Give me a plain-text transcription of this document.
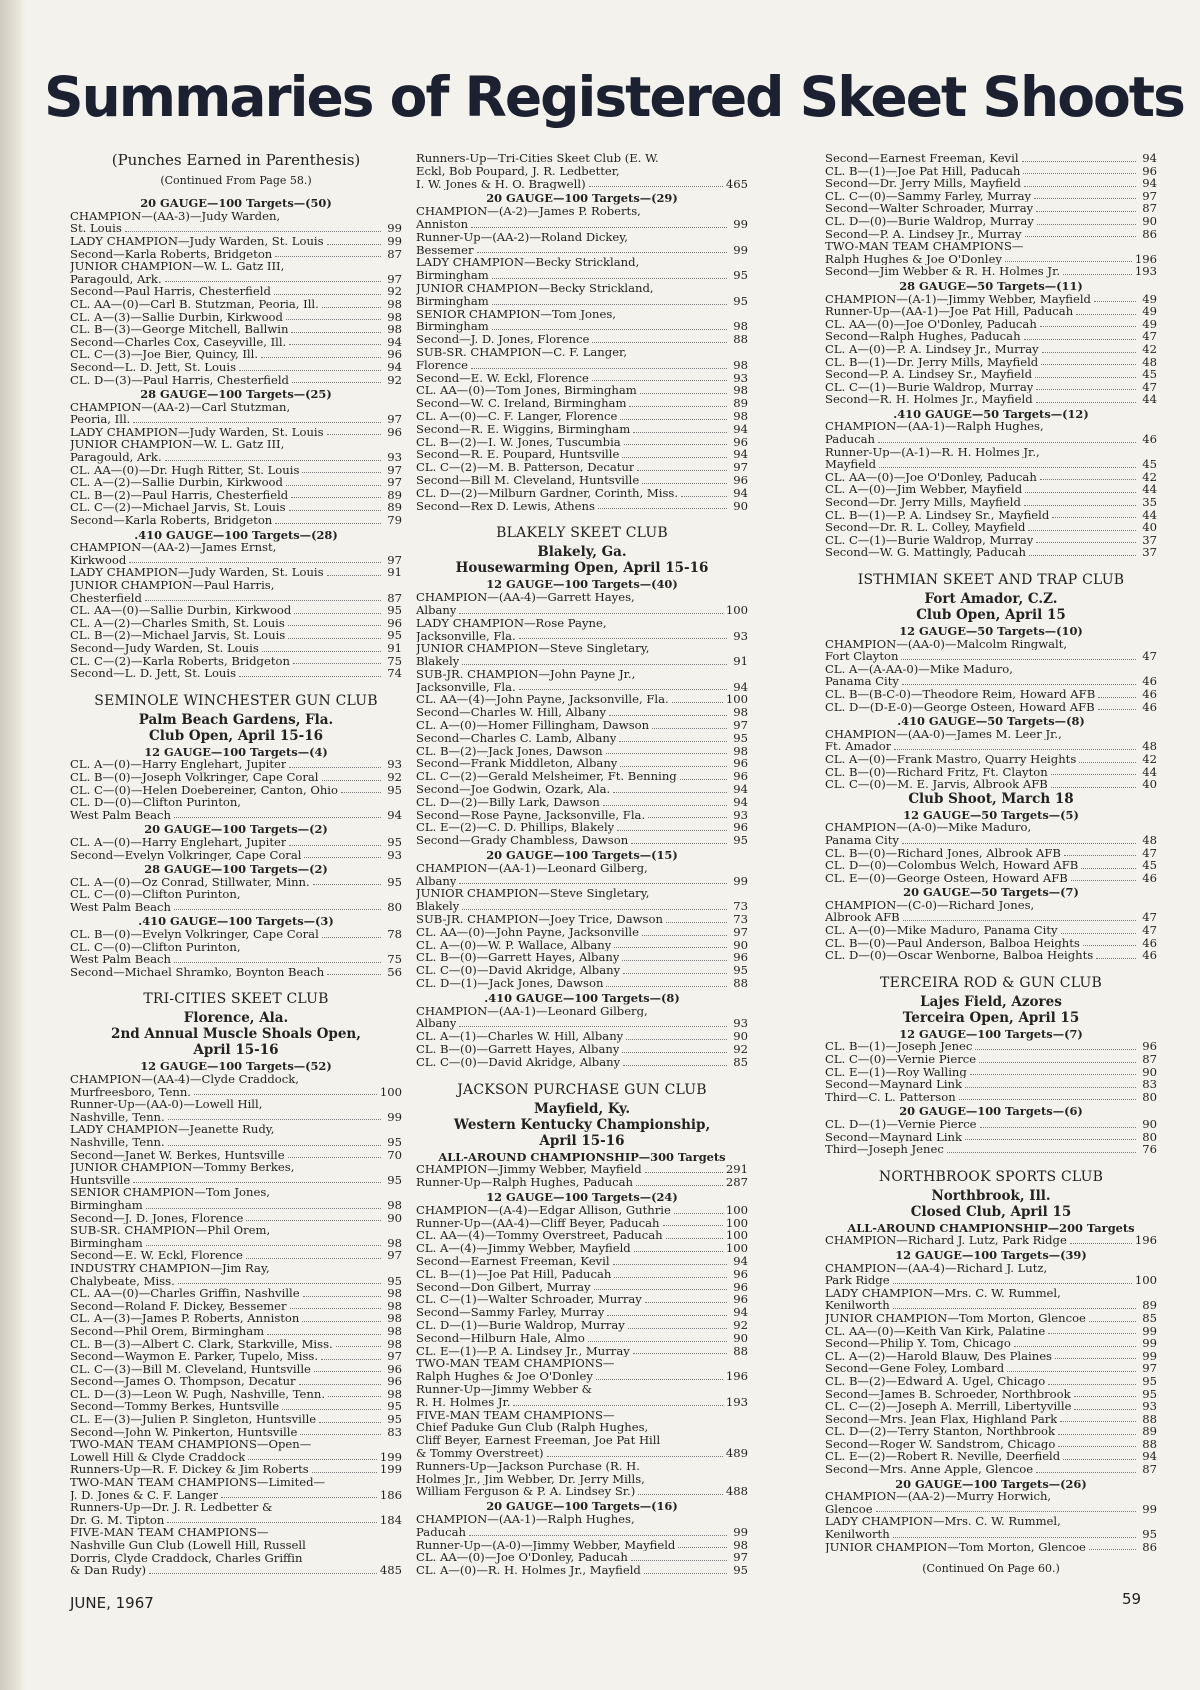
Summaries of Registered Skeet Shoots
(Punches Earned in Parenthesis)
(Continued From Page 58.)
20 GAUGE—100 Targets—(50)
CHAMPION—(AA-3)—Judy Warden,
St. Louis	99
LADY CHAMPION—Judy Warden, St. Louis	99
Second—Karla Roberts, Bridgeton	87
JUNIOR CHAMPION—W. L. Gatz III,
Paragould, Ark.	97
Second—Paul Harris, Chesterfield	92
CL. AA—(0)—Carl B. Stutzman, Peoria, Ill.	98
CL. A—(3)—Sallie Durbin, Kirkwood	98
CL. B—(3)—George Mitchell, Ballwin	98
Second—Charles Cox, Caseyville, Ill.	94
CL. C—(3)—Joe Bier, Quincy, Ill.	96
Second—L. D. Jett, St. Louis	94
CL. D—(3)—Paul Harris, Chesterfield	92
28 GAUGE—100 Targets—(25)
CHAMPION—(AA-2)—Carl Stutzman,
Peoria, Ill.	97
LADY CHAMPION—Judy Warden, St. Louis	96
JUNIOR CHAMPION—W. L. Gatz III,
Paragould, Ark.	93
CL. AA—(0)—Dr. Hugh Ritter, St. Louis	97
CL. A—(2)—Sallie Durbin, Kirkwood	97
CL. B—(2)—Paul Harris, Chesterfield	89
CL. C—(2)—Michael Jarvis, St. Louis	89
Second—Karla Roberts, Bridgeton	79
.410 GAUGE—100 Targets—(28)
CHAMPION—(AA-2)—James Ernst,
Kirkwood	97
LADY CHAMPION—Judy Warden, St. Louis	91
JUNIOR CHAMPION—Paul Harris,
Chesterfield	87
CL. AA—(0)—Sallie Durbin, Kirkwood	95
CL. A—(2)—Charles Smith, St. Louis	96
CL. B—(2)—Michael Jarvis, St. Louis	95
Second—Judy Warden, St. Louis	91
CL. C—(2)—Karla Roberts, Bridgeton	75
Second—L. D. Jett, St. Louis	74
SEMINOLE WINCHESTER GUN CLUB
Palm Beach Gardens, Fla.
Club Open, April 15-16
12 GAUGE—100 Targets—(4)
CL. A—(0)—Harry Englehart, Jupiter	93
CL. B—(0)—Joseph Volkringer, Cape Coral	92
CL. C—(0)—Helen Doebereiner, Canton, Ohio	95
CL. D—(0)—Clifton Purinton,
West Palm Beach	94
20 GAUGE—100 Targets—(2)
CL. A—(0)—Harry Englehart, Jupiter	95
Second—Evelyn Volkringer, Cape Coral	93
28 GAUGE—100 Targets—(2)
CL. A—(0)—Oz Conrad, Stillwater, Minn.	95
CL. C—(0)—Clifton Purinton,
West Palm Beach	80
.410 GAUGE—100 Targets—(3)
CL. B—(0)—Evelyn Volkringer, Cape Coral	78
CL. C—(0)—Clifton Purinton,
West Palm Beach	75
Second—Michael Shramko, Boynton Beach	56
TRI-CITIES SKEET CLUB
Florence, Ala.
2nd Annual Muscle Shoals Open,
April 15-16
12 GAUGE—100 Targets—(52)
CHAMPION—(AA-4)—Clyde Craddock,
Murfreesboro, Tenn.	100
Runner-Up—(AA-0)—Lowell Hill,
Nashville, Tenn.	99
LADY CHAMPION—Jeanette Rudy,
Nashville, Tenn.	95
Second—Janet W. Berkes, Huntsville	70
JUNIOR CHAMPION—Tommy Berkes,
Huntsville	95
SENIOR CHAMPION—Tom Jones,
Birmingham	98
Second—J. D. Jones, Florence	90
SUB-SR. CHAMPION—Phil Orem,
Birmingham	98
Second—E. W. Eckl, Florence	97
INDUSTRY CHAMPION—Jim Ray,
Chalybeate, Miss.	95
CL. AA—(0)—Charles Griffin, Nashville	98
Second—Roland F. Dickey, Bessemer	98
CL. A—(3)—James P. Roberts, Anniston	98
Second—Phil Orem, Birmingham	98
CL. B—(3)—Albert C. Clark, Starkville, Miss.	98
Second—Waymon E. Parker, Tupelo, Miss.	97
CL. C—(3)—Bill M. Cleveland, Huntsville	96
Second—James O. Thompson, Decatur	96
CL. D—(3)—Leon W. Pugh, Nashville, Tenn.	98
Second—Tommy Berkes, Huntsville	95
CL. E—(3)—Julien P. Singleton, Huntsville	95
Second—John W. Pinkerton, Huntsville	83
TWO-MAN TEAM CHAMPIONS—Open—
Lowell Hill & Clyde Craddock	199
Runners-Up—R. F. Dickey & Jim Roberts	199
TWO-MAN TEAM CHAMPIONS—Limited—
J. D. Jones & C. F. Langer	186
Runners-Up—Dr. J. R. Ledbetter &
Dr. G. M. Tipton	184
FIVE-MAN TEAM CHAMPIONS—
Nashville Gun Club (Lowell Hill, Russell
Dorris, Clyde Craddock, Charles Griffin
& Dan Rudy)	485
Runners-Up—Tri-Cities Skeet Club (E. W.
Eckl, Bob Poupard, J. R. Ledbetter,
I. W. Jones & H. O. Bragwell)	465
20 GAUGE—100 Targets—(29)
CHAMPION—(A-2)—James P. Roberts,
Anniston	99
Runner-Up—(AA-2)—Roland Dickey,
Bessemer	99
LADY CHAMPION—Becky Strickland,
Birmingham	95
JUNIOR CHAMPION—Becky Strickland,
Birmingham	95
SENIOR CHAMPION—Tom Jones,
Birmingham	98
Second—J. D. Jones, Florence	88
SUB-SR. CHAMPION—C. F. Langer,
Florence	98
Second—E. W. Eckl, Florence	93
CL. AA—(0)—Tom Jones, Birmingham	98
Second—W. C. Ireland, Birmingham	89
CL. A—(0)—C. F. Langer, Florence	98
Second—R. E. Wiggins, Birmingham	94
CL. B—(2)—I. W. Jones, Tuscumbia	96
Second—R. E. Poupard, Huntsville	94
CL. C—(2)—M. B. Patterson, Decatur	97
Second—Bill M. Cleveland, Huntsville	96
CL. D—(2)—Milburn Gardner, Corinth, Miss.	94
Second—Rex D. Lewis, Athens	90
BLAKELY SKEET CLUB
Blakely, Ga.
Housewarming Open, April 15-16
12 GAUGE—100 Targets—(40)
CHAMPION—(AA-4)—Garrett Hayes,
Albany	100
LADY CHAMPION—Rose Payne,
Jacksonville, Fla.	93
JUNIOR CHAMPION—Steve Singletary,
Blakely	91
SUB-JR. CHAMPION—John Payne Jr.,
Jacksonville, Fla.	94
CL. AA—(4)—John Payne, Jacksonville, Fla.	100
Second—Charles W. Hill, Albany	98
CL. A—(0)—Homer Fillingham, Dawson	97
Second—Charles C. Lamb, Albany	95
CL. B—(2)—Jack Jones, Dawson	98
Second—Frank Middleton, Albany	96
CL. C—(2)—Gerald Melsheimer, Ft. Benning	96
Second—Joe Godwin, Ozark, Ala.	94
CL. D—(2)—Billy Lark, Dawson	94
Second—Rose Payne, Jacksonville, Fla.	93
CL. E—(2)—C. D. Phillips, Blakely	96
Second—Grady Chambless, Dawson	95
20 GAUGE—100 Targets—(15)
CHAMPION—(AA-1)—Leonard Gilberg,
Albany	99
JUNIOR CHAMPION—Steve Singletary,
Blakely	73
SUB-JR. CHAMPION—Joey Trice, Dawson	73
CL. AA—(0)—John Payne, Jacksonville	97
CL. A—(0)—W. P. Wallace, Albany	90
CL. B—(0)—Garrett Hayes, Albany	96
CL. C—(0)—David Akridge, Albany	95
CL. D—(1)—Jack Jones, Dawson	88
.410 GAUGE—100 Targets—(8)
CHAMPION—(AA-1)—Leonard Gilberg,
Albany	93
CL. A—(1)—Charles W. Hill, Albany	90
CL. B—(0)—Garrett Hayes, Albany	92
CL. C—(0)—David Akridge, Albany	85
JACKSON PURCHASE GUN CLUB
Mayfield, Ky.
Western Kentucky Championship,
April 15-16
ALL-AROUND CHAMPIONSHIP—300 Targets
CHAMPION—Jimmy Webber, Mayfield	291
Runner-Up—Ralph Hughes, Paducah	287
12 GAUGE—100 Targets—(24)
CHAMPION—(A-4)—Edgar Allison, Guthrie	100
Runner-Up—(AA-4)—Cliff Beyer, Paducah	100
CL. AA—(4)—Tommy Overstreet, Paducah	100
CL. A—(4)—Jimmy Webber, Mayfield	100
Second—Earnest Freeman, Kevil	94
CL. B—(1)—Joe Pat Hill, Paducah	96
Second—Don Gilbert, Murray	96
CL. C—(1)—Walter Schroader, Murray	96
Second—Sammy Farley, Murray	94
CL. D—(1)—Burie Waldrop, Murray	92
Second—Hilburn Hale, Almo	90
CL. E—(1)—P. A. Lindsey Jr., Murray	88
TWO-MAN TEAM CHAMPIONS—
Ralph Hughes & Joe O'Donley	196
Runner-Up—Jimmy Webber &
R. H. Holmes Jr.	193
FIVE-MAN TEAM CHAMPIONS—
Chief Paduke Gun Club (Ralph Hughes,
Cliff Beyer, Earnest Freeman, Joe Pat Hill
& Tommy Overstreet)	489
Runners-Up—Jackson Purchase (R. H.
Holmes Jr., Jim Webber, Dr. Jerry Mills,
William Ferguson & P. A. Lindsey Sr.)	488
20 GAUGE—100 Targets—(16)
CHAMPION—(AA-1)—Ralph Hughes,
Paducah	99
Runner-Up—(A-0)—Jimmy Webber, Mayfield	98
CL. AA—(0)—Joe O'Donley, Paducah	97
CL. A—(0)—R. H. Holmes Jr., Mayfield	95
Second—Earnest Freeman, Kevil	94
CL. B—(1)—Joe Pat Hill, Paducah	96
Second—Dr. Jerry Mills, Mayfield	94
CL. C—(0)—Sammy Farley, Murray	97
Second—Walter Schroader, Murray	87
CL. D—(0)—Burie Waldrop, Murray	90
Second—P. A. Lindsey Jr., Murray	86
TWO-MAN TEAM CHAMPIONS—
Ralph Hughes & Joe O'Donley	196
Second—Jim Webber & R. H. Holmes Jr.	193
28 GAUGE—50 Targets—(11)
CHAMPION—(A-1)—Jimmy Webber, Mayfield	49
Runner-Up—(AA-1)—Joe Pat Hill, Paducah	49
CL. AA—(0)—Joe O'Donley, Paducah	49
Second—Ralph Hughes, Paducah	47
CL. A—(0)—P. A. Lindsey Jr., Murray	42
CL. B—(1)—Dr. Jerry Mills, Mayfield	48
Second—P. A. Lindsey Sr., Mayfield	45
CL. C—(1)—Burie Waldrop, Murray	47
Second—R. H. Holmes Jr., Mayfield	44
.410 GAUGE—50 Targets—(12)
CHAMPION—(AA-1)—Ralph Hughes,
Paducah	46
Runner-Up—(A-1)—R. H. Holmes Jr.,
Mayfield	45
CL. AA—(0)—Joe O'Donley, Paducah	42
CL. A—(0)—Jim Webber, Mayfield	44
Second—Dr. Jerry Mills, Mayfield	35
CL. B—(1)—P. A. Lindsey Sr., Mayfield	44
Second—Dr. R. L. Colley, Mayfield	40
CL. C—(1)—Burie Waldrop, Murray	37
Second—W. G. Mattingly, Paducah	37
ISTHMIAN SKEET AND TRAP CLUB
Fort Amador, C.Z.
Club Open, April 15
12 GAUGE—50 Targets—(10)
CHAMPION—(AA-0)—Malcolm Ringwalt,
Fort Clayton	47
CL. A—(A-AA-0)—Mike Maduro,
Panama City	46
CL. B—(B-C-0)—Theodore Reim, Howard AFB	46
CL. D—(D-E-0)—George Osteen, Howard AFB	46
.410 GAUGE—50 Targets—(8)
CHAMPION—(AA-0)—James M. Leer Jr.,
Ft. Amador	48
CL. A—(0)—Frank Mastro, Quarry Heights	42
CL. B—(0)—Richard Fritz, Ft. Clayton	44
CL. C—(0)—M. E. Jarvis, Albrook AFB	40
Club Shoot, March 18
12 GAUGE—50 Targets—(5)
CHAMPION—(A-0)—Mike Maduro,
Panama City	48
CL. B—(0)—Richard Jones, Albrook AFB	47
CL. D—(0)—Colombus Welch, Howard AFB	45
CL. E—(0)—George Osteen, Howard AFB	46
20 GAUGE—50 Targets—(7)
CHAMPION—(C-0)—Richard Jones,
Albrook AFB	47
CL. A—(0)—Mike Maduro, Panama City	47
CL. B—(0)—Paul Anderson, Balboa Heights	46
CL. D—(0)—Oscar Wenborne, Balboa Heights	46
TERCEIRA ROD & GUN CLUB
Lajes Field, Azores
Terceira Open, April 15
12 GAUGE—100 Targets—(7)
CL. B—(1)—Joseph Jenec	96
CL. C—(0)—Vernie Pierce	87
CL. E—(1)—Roy Walling	90
Second—Maynard Link	83
Third—C. L. Patterson	80
20 GAUGE—100 Targets—(6)
CL. D—(1)—Vernie Pierce	90
Second—Maynard Link	80
Third—Joseph Jenec	76
NORTHBROOK SPORTS CLUB
Northbrook, Ill.
Closed Club, April 15
ALL-AROUND CHAMPIONSHIP—200 Targets
CHAMPION—Richard J. Lutz, Park Ridge	196
12 GAUGE—100 Targets—(39)
CHAMPION—(AA-4)—Richard J. Lutz,
Park Ridge	100
LADY CHAMPION—Mrs. C. W. Rummel,
Kenilworth	89
JUNIOR CHAMPION—Tom Morton, Glencoe	85
CL. AA—(0)—Keith Van Kirk, Palatine	99
Second—Philip Y. Tom, Chicago	99
CL. A—(2)—Harold Blauw, Des Plaines	99
Second—Gene Foley, Lombard	97
CL. B—(2)—Edward A. Ugel, Chicago	95
Second—James B. Schroeder, Northbrook	95
CL. C—(2)—Joseph A. Merrill, Libertyville	93
Second—Mrs. Jean Flax, Highland Park	88
CL. D—(2)—Terry Stanton, Northbrook	89
Second—Roger W. Sandstrom, Chicago	88
CL. E—(2)—Robert R. Neville, Deerfield	94
Second—Mrs. Anne Apple, Glencoe	87
20 GAUGE—100 Targets—(26)
CHAMPION—(AA-2)—Murry Horwich,
Glencoe	99
LADY CHAMPION—Mrs. C. W. Rummel,
Kenilworth	95
JUNIOR CHAMPION—Tom Morton, Glencoe	86
(Continued On Page 60.)
JUNE, 1967	59
